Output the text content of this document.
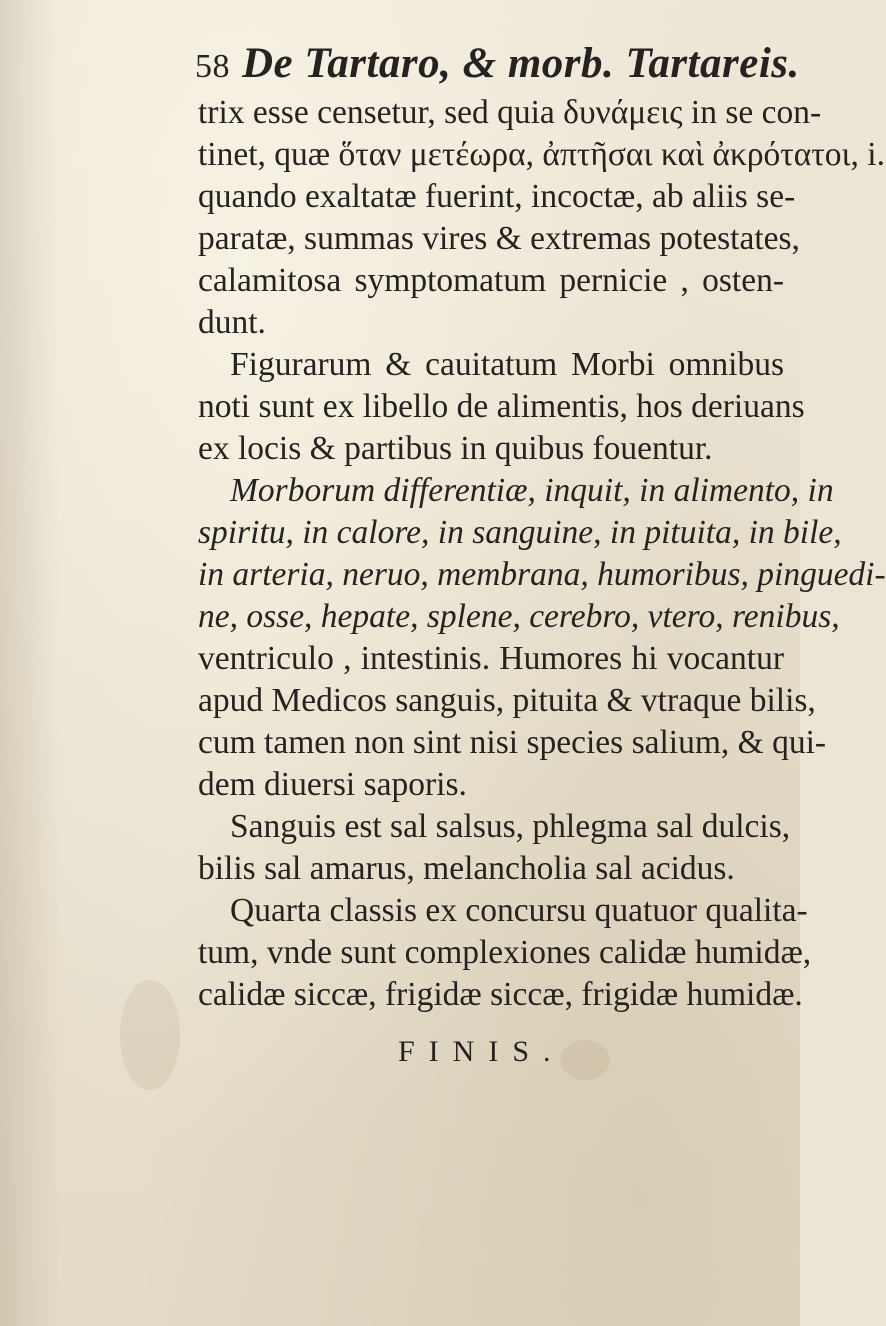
58 De Tartaro, & morb. Tartareis.
trix esse censetur, sed quia δυνάμεις in se con-
tinet, quæ ὅταν μετέωρα, ἀπτῆσαι καὶ ἀκρότατοι, i.
quando exaltatæ fuerint, incoctæ, ab aliis se-
paratæ, summas vires & extremas potestates,
calamitosa symptomatum pernicie , osten-
dunt.
Figurarum & cauitatum Morbi omnibus
noti sunt ex libello de alimentis, hos deriuans
ex locis & partibus in quibus fouentur.
Morborum differentiæ, inquit, in alimento, in
spiritu, in calore, in sanguine, in pituita, in bile,
in arteria, neruo, membrana, humoribus, pinguedi-
ne, osse, hepate, splene, cerebro, vtero, renibus,
ventriculo , intestinis. Humores hi vocantur
apud Medicos sanguis, pituita & vtraque bilis,
cum tamen non sint nisi species salium, & qui-
dem diuersi saporis.
Sanguis est sal salsus, phlegma sal dulcis,
bilis sal amarus, melancholia sal acidus.
Quarta classis ex concursu quatuor qualita-
tum, vnde sunt complexiones calidæ humidæ,
calidæ siccæ, frigidæ siccæ, frigidæ humidæ.
FINIS.
